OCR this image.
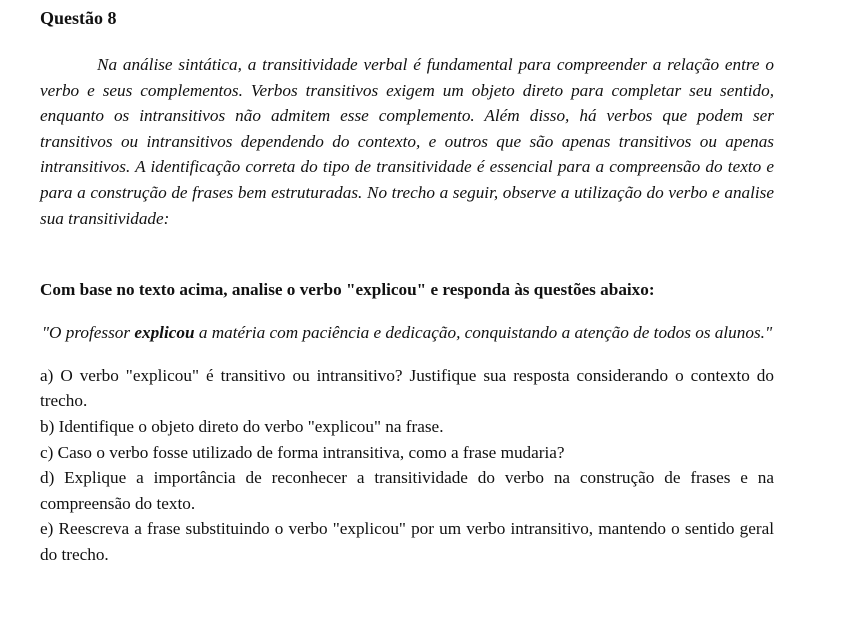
Questão 8

Na análise sintática, a transitividade verbal é fundamental para compreender a relação entre o verbo e seus complementos. Verbos transitivos exigem um objeto direto para completar seu sentido, enquanto os intransitivos não admitem esse complemento. Além disso, há verbos que podem ser transitivos ou intransitivos dependendo do contexto, e outros que são apenas transitivos ou apenas intransitivos. A identificação correta do tipo de transitividade é essencial para a compreensão do texto e para a construção de frases bem estruturadas. No trecho a seguir, observe a utilização do verbo e analise sua transitividade:

Com base no texto acima, analise o verbo "explicou" e responda às questões abaixo:

"O professor explicou a matéria com paciência e dedicação, conquistando a atenção de todos os alunos."

a) O verbo "explicou" é transitivo ou intransitivo? Justifique sua resposta considerando o contexto do trecho.

b) Identifique o objeto direto do verbo "explicou" na frase.

c) Caso o verbo fosse utilizado de forma intransitiva, como a frase mudaria?

d) Explique a importância de reconhecer a transitividade do verbo na construção de frases e na compreensão do texto.

e) Reescreva a frase substituindo o verbo "explicou" por um verbo intransitivo, mantendo o sentido geral do trecho.
